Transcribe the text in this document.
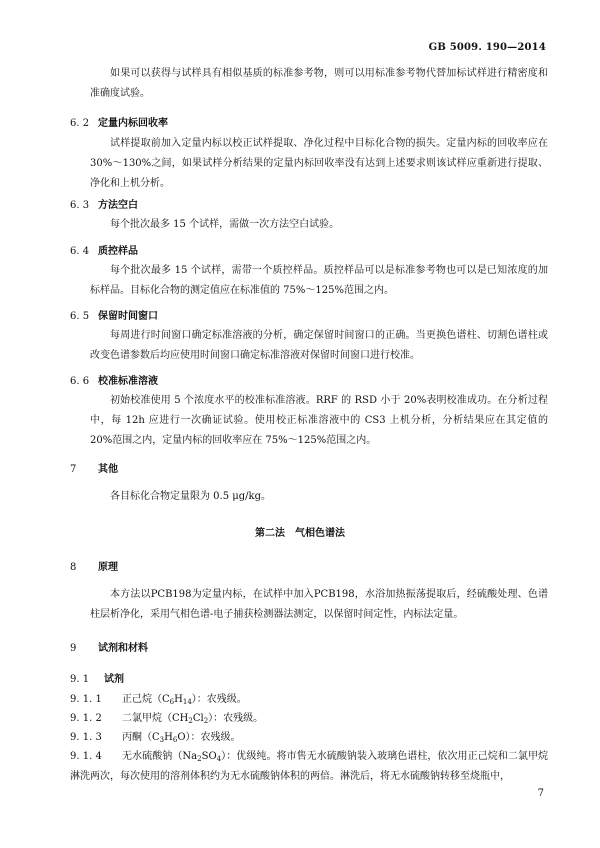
GB 5009. 190—2014

如果可以获得与试样具有相似基质的标准参考物，则可以用标准参考物代替加标试样进行精密度和准确度试验。

6. 2 定量内标回收率

试样提取前加入定量内标以校正试样提取、净化过程中目标化合物的损失。定量内标的回收率应在30%～130%之间，如果试样分析结果的定量内标回收率没有达到上述要求则该试样应重新进行提取、净化和上机分析。

6. 3 方法空白

每个批次最多 15 个试样，需做一次方法空白试验。

6. 4 质控样品

每个批次最多 15 个试样，需带一个质控样品。质控样品可以是标准参考物也可以是已知浓度的加标样品。目标化合物的测定值应在标准值的 75%～125%范围之内。

6. 5 保留时间窗口

每周进行时间窗口确定标准溶液的分析，确定保留时间窗口的正确。当更换色谱柱、切割色谱柱或改变色谱参数后均应使用时间窗口确定标准溶液对保留时间窗口进行校准。

6. 6 校准标准溶液

初始校准使用 5 个浓度水平的校准标准溶液。RRF 的 RSD 小于 20%表明校准成功。在分析过程中，每 12h 应进行一次确证试验。使用校正标准溶液中的 CS3 上机分析，分析结果应在其定值的 20%范围之内，定量内标的回收率应在 75%～125%范围之内。

7 其他

各目标化合物定量限为 0.5 μg/kg。

第二法　气相色谱法
8 原理

本方法以PCB198为定量内标，在试样中加入PCB198，水浴加热振荡提取后，经硫酸处理、色谱柱层析净化，采用气相色谱-电子捕获检测器法测定，以保留时间定性，内标法定量。

9 试剂和材料
9. 1 试剂

9. 1. 1 正己烷$(C_6H_{14})$：农残级。

9. 1. 2 二氯甲烷$(CH_2Cl_2)$：农残级。

9. 1. 3 丙酮$(C_3H_6O)$：农残级。

9. 1. 4 无水硫酸钠$(Na_2SO_4)$：优级纯。将市售无水硫酸钠装入玻璃色谱柱，依次用正己烷和二氯甲烷淋洗两次，每次使用的溶剂体积约为无水硫酸钠体积的两倍。淋洗后，将无水硫酸钠转移至烧瓶中，

7
